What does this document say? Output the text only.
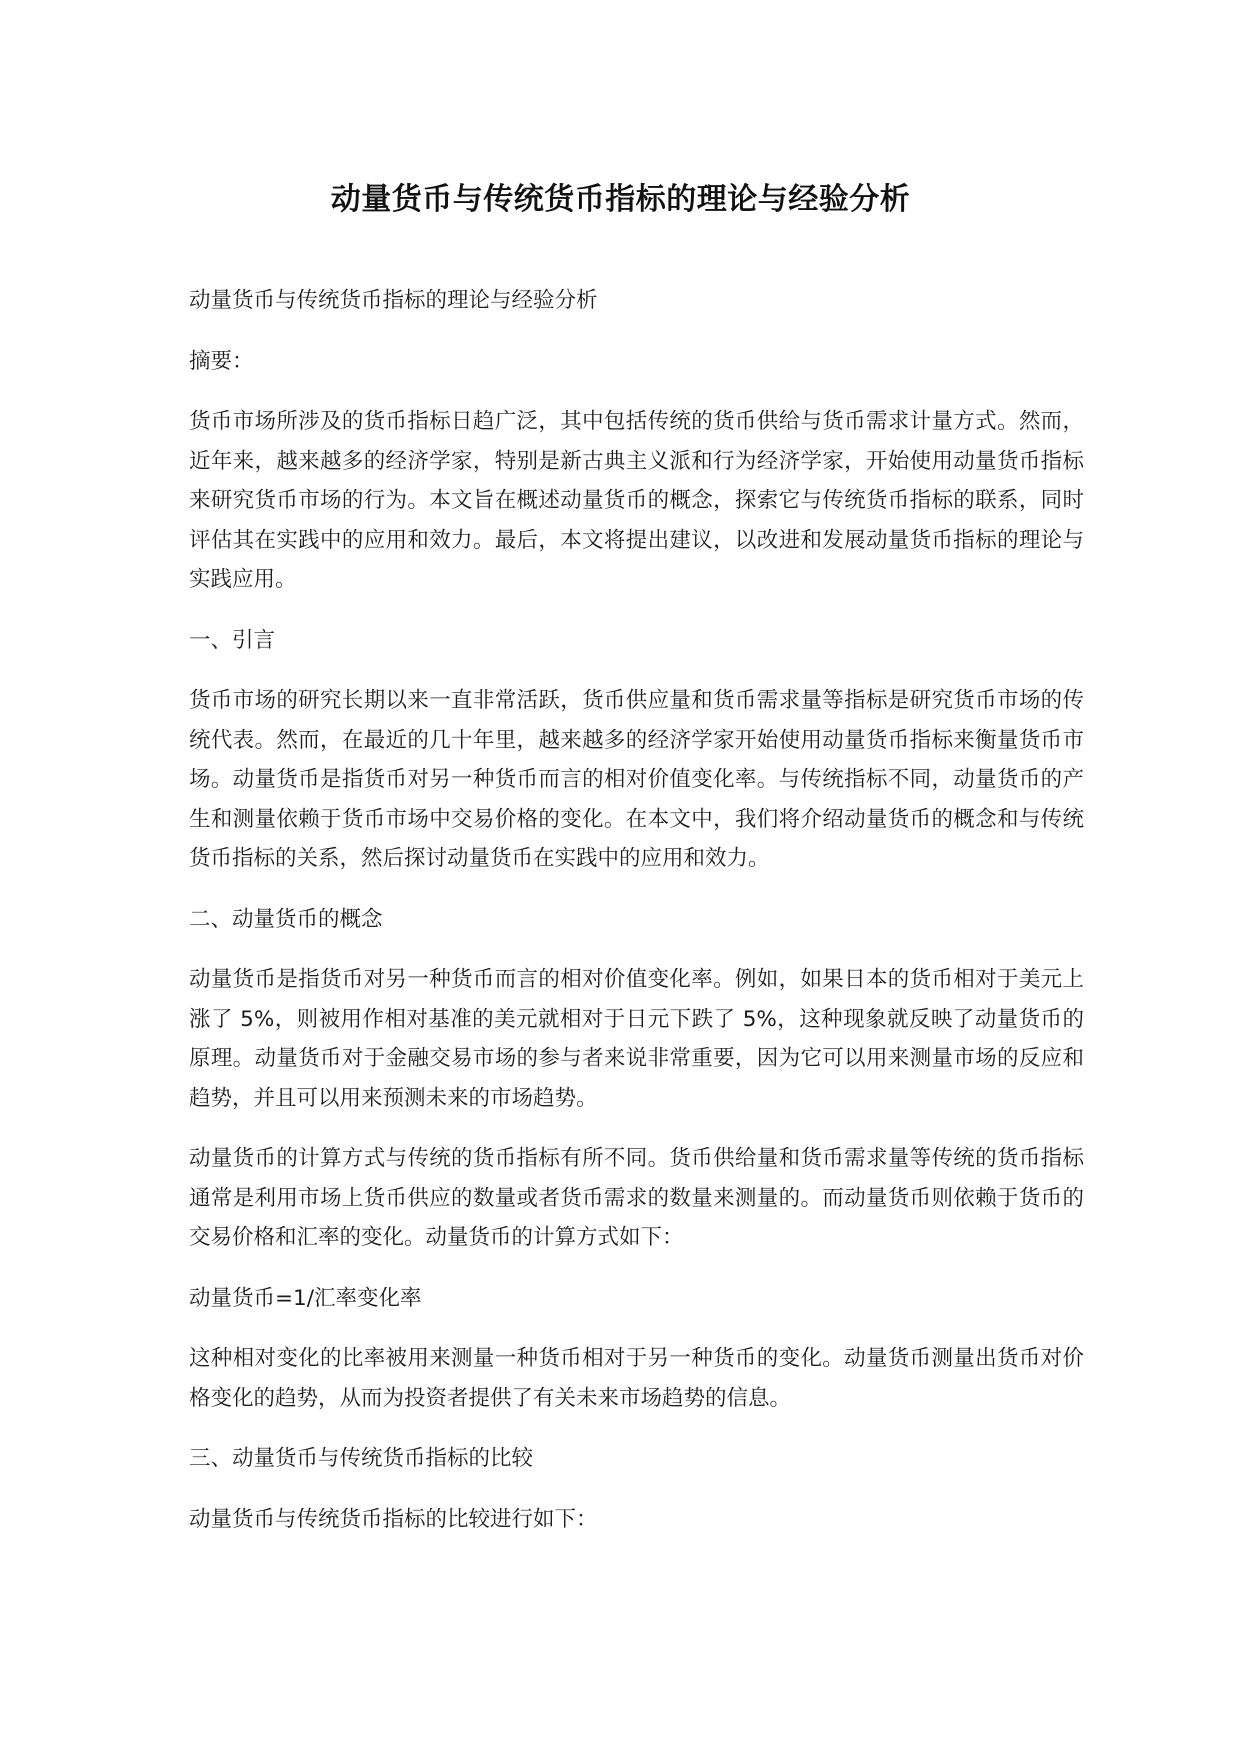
动量货币与传统货币指标的理论与经验分析

动量货币与传统货币指标的理论与经验分析

摘要：

货币市场所涉及的货币指标日趋广泛，其中包括传统的货币供给与货币需求计量方式。然而，近年来，越来越多的经济学家，特别是新古典主义派和行为经济学家，开始使用动量货币指标来研究货币市场的行为。本文旨在概述动量货币的概念，探索它与传统货币指标的联系，同时评估其在实践中的应用和效力。最后，本文将提出建议，以改进和发展动量货币指标的理论与实践应用。

一、引言

货币市场的研究长期以来一直非常活跃，货币供应量和货币需求量等指标是研究货币市场的传统代表。然而，在最近的几十年里，越来越多的经济学家开始使用动量货币指标来衡量货币市场。动量货币是指货币对另一种货币而言的相对价值变化率。与传统指标不同，动量货币的产生和测量依赖于货币市场中交易价格的变化。在本文中，我们将介绍动量货币的概念和与传统货币指标的关系，然后探讨动量货币在实践中的应用和效力。

二、动量货币的概念

动量货币是指货币对另一种货币而言的相对价值变化率。例如，如果日本的货币相对于美元上涨了 5%，则被用作相对基准的美元就相对于日元下跌了 5%，这种现象就反映了动量货币的原理。动量货币对于金融交易市场的参与者来说非常重要，因为它可以用来测量市场的反应和趋势，并且可以用来预测未来的市场趋势。

动量货币的计算方式与传统的货币指标有所不同。货币供给量和货币需求量等传统的货币指标通常是利用市场上货币供应的数量或者货币需求的数量来测量的。而动量货币则依赖于货币的交易价格和汇率的变化。动量货币的计算方式如下：

动量货币=1/汇率变化率

这种相对变化的比率被用来测量一种货币相对于另一种货币的变化。动量货币测量出货币对价格变化的趋势，从而为投资者提供了有关未来市场趋势的信息。

三、动量货币与传统货币指标的比较

动量货币与传统货币指标的比较进行如下：
